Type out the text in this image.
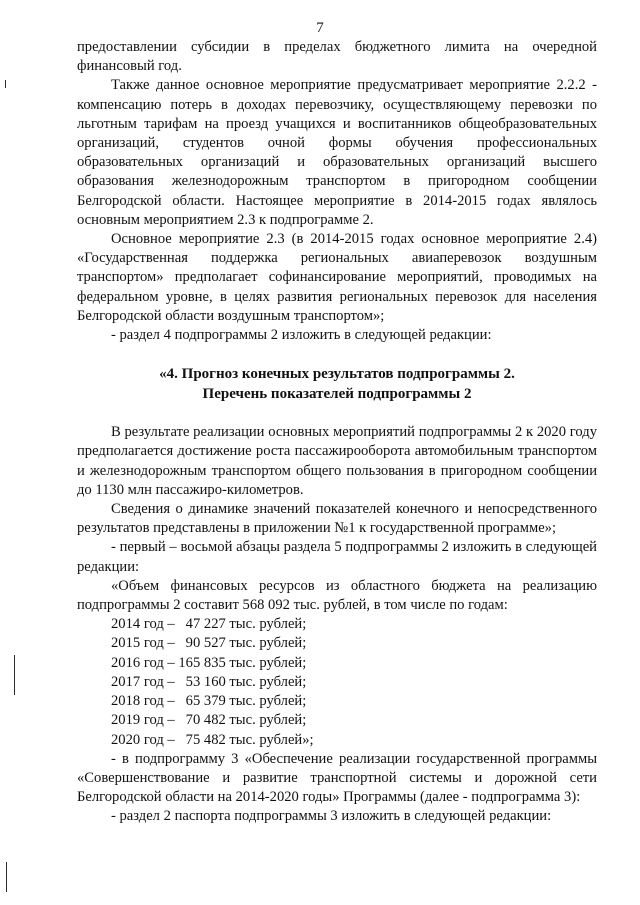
7

предоставлении субсидии в пределах бюджетного лимита на очередной финансовый год.

Также данное основное мероприятие предусматривает мероприятие 2.2.2 - компенсацию потерь в доходах перевозчику, осуществляющему перевозки по льготным тарифам на проезд учащихся и воспитанников общеобразовательных организаций, студентов очной формы обучения профессиональных образовательных организаций и образовательных организаций высшего образования железнодорожным транспортом в пригородном сообщении Белгородской области. Настоящее мероприятие в 2014-2015 годах являлось основным мероприятием 2.3 к подпрограмме 2.

Основное мероприятие 2.3 (в 2014-2015 годах основное мероприятие 2.4) «Государственная поддержка региональных авиаперевозок воздушным транспортом» предполагает софинансирование мероприятий, проводимых на федеральном уровне, в целях развития региональных перевозок для населения Белгородской области воздушным транспортом»;

- раздел 4 подпрограммы 2 изложить в следующей редакции:

«4. Прогноз конечных результатов подпрограммы 2.

Перечень показателей подпрограммы 2

В результате реализации основных мероприятий подпрограммы 2 к 2020 году предполагается достижение роста пассажирооборота автомобильным транспортом и железнодорожным транспортом общего пользования в пригородном сообщении до 1130 млн пассажиро-километров.

Сведения о динамике значений показателей конечного и непосредственного результатов представлены в приложении №1 к государственной программе»;

- первый – восьмой абзацы раздела 5 подпрограммы 2 изложить в следующей редакции:

«Объем финансовых ресурсов из областного бюджета на реализацию подпрограммы 2 составит 568 092 тыс. рублей, в том числе по годам:

2014 год –   47 227 тыс. рублей;
2015 год –   90 527 тыс. рублей;
2016 год – 165 835 тыс. рублей;
2017 год –   53 160 тыс. рублей;
2018 год –   65 379 тыс. рублей;
2019 год –   70 482 тыс. рублей;
2020 год –   75 482 тыс. рублей»;

- в подпрограмму 3 «Обеспечение реализации государственной программы «Совершенствование и развитие транспортной системы и дорожной сети Белгородской области на 2014-2020 годы» Программы (далее - подпрограмма 3):

- раздел 2 паспорта подпрограммы 3 изложить в следующей редакции:
